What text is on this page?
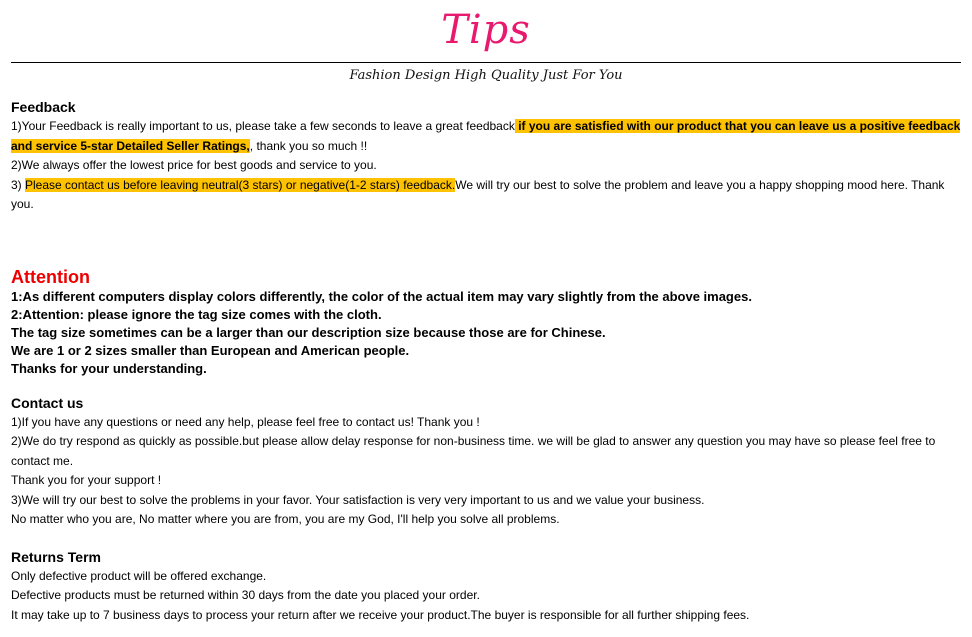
Tips
Fashion Design High Quality Just For You
Feedback
1)Your Feedback is really important to us, please take a few seconds to leave a great feedback if you are satisfied with our product that you can leave us a positive feedback and service 5-star Detailed Seller Ratings,, thank you so much !!
2)We always offer the lowest price for best goods and service to you.
3) Please contact us before leaving neutral(3 stars) or negative(1-2 stars) feedback.We will try our best to solve the problem and leave you a happy shopping mood here. Thank you.
Attention
1:As different computers display colors differently, the color of the actual item may vary slightly from the above images.
2:Attention: please ignore the tag size comes with the cloth.
The tag size sometimes can be a larger than our description size because those are for Chinese.
We are 1 or 2 sizes smaller than European and American people.
Thanks for your understanding.
Contact us
1)If you have any questions or need any help, please feel free to contact us! Thank you !
2)We do try respond as quickly as possible.but please allow delay response for non-business time. we will be glad to answer any question you may have so please feel free to contact me.
Thank you for your support !
3)We will try our best to solve the problems in your favor. Your satisfaction is very very important to us and we value your business.
No matter who you are, No matter where you are from, you are my God, I'll help you solve all problems.
Returns Term
Only defective product will be offered exchange.
Defective products must be returned within 30 days from the date you placed your order.
It may take up to 7 business days to process your return after we receive your product.The buyer is responsible for all further shipping fees.
